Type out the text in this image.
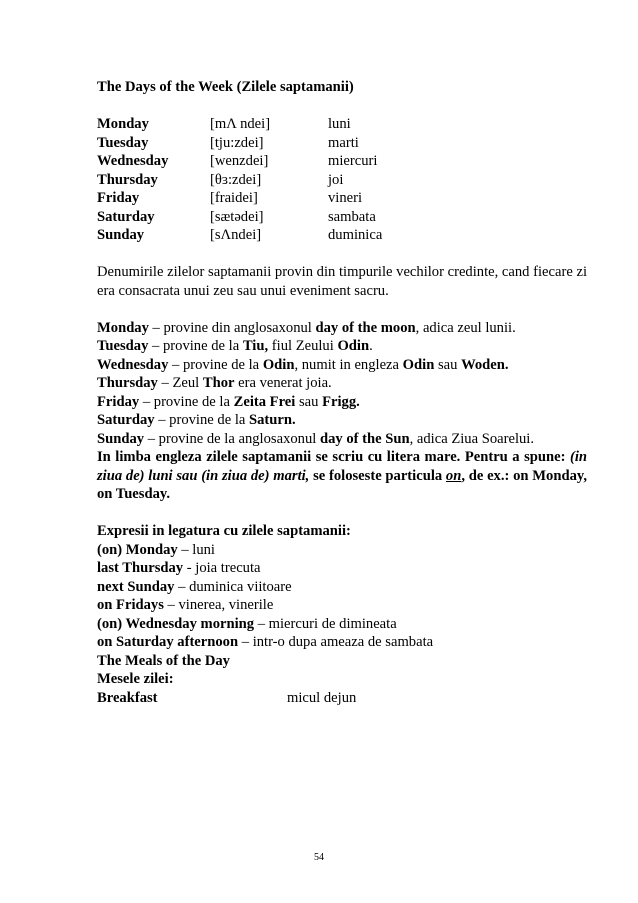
The Days of the Week (Zilele saptamanii)
Monday	[mΛ ndei]	luni
Tuesday	[tju:zdei]	marti
Wednesday	[wenzdei]	miercuri
Thursday	[θɜ:zdei]	joi
Friday	[fraidei]	vineri
Saturday	[sætədei]	sambata
Sunday	[sΛndei]	duminica

Denumirile zilelor saptamanii provin din timpurile vechilor credinte, cand fiecare zi era consacrata unui zeu sau unui eveniment sacru.

Monday – provine din anglosaxonul day of the moon, adica zeul lunii.

Tuesday – provine de la Tiu, fiul Zeului Odin.

Wednesday – provine de la Odin, numit in engleza Odin sau Woden.

Thursday – Zeul Thor era venerat joia.

Friday – provine de la Zeita Frei sau Frigg.

Saturday – provine de la Saturn.

Sunday – provine de la anglosaxonul day of the Sun, adica Ziua Soarelui.

In limba engleza zilele saptamanii se scriu cu litera mare. Pentru a spune: (in ziua de) luni sau (in ziua de) marti, se foloseste particula on, de ex.: on Monday, on Tuesday.

Expresii in legatura cu zilele saptamanii:
(on) Monday – luni
last Thursday - joia trecuta
next Sunday – duminica viitoare
on Fridays – vinerea, vinerile
(on) Wednesday morning – miercuri de dimineata
on Saturday afternoon – intr-o dupa ameaza de sambata
The Meals of the Day
Mesele zilei:
Breakfast	micul dejun
54
